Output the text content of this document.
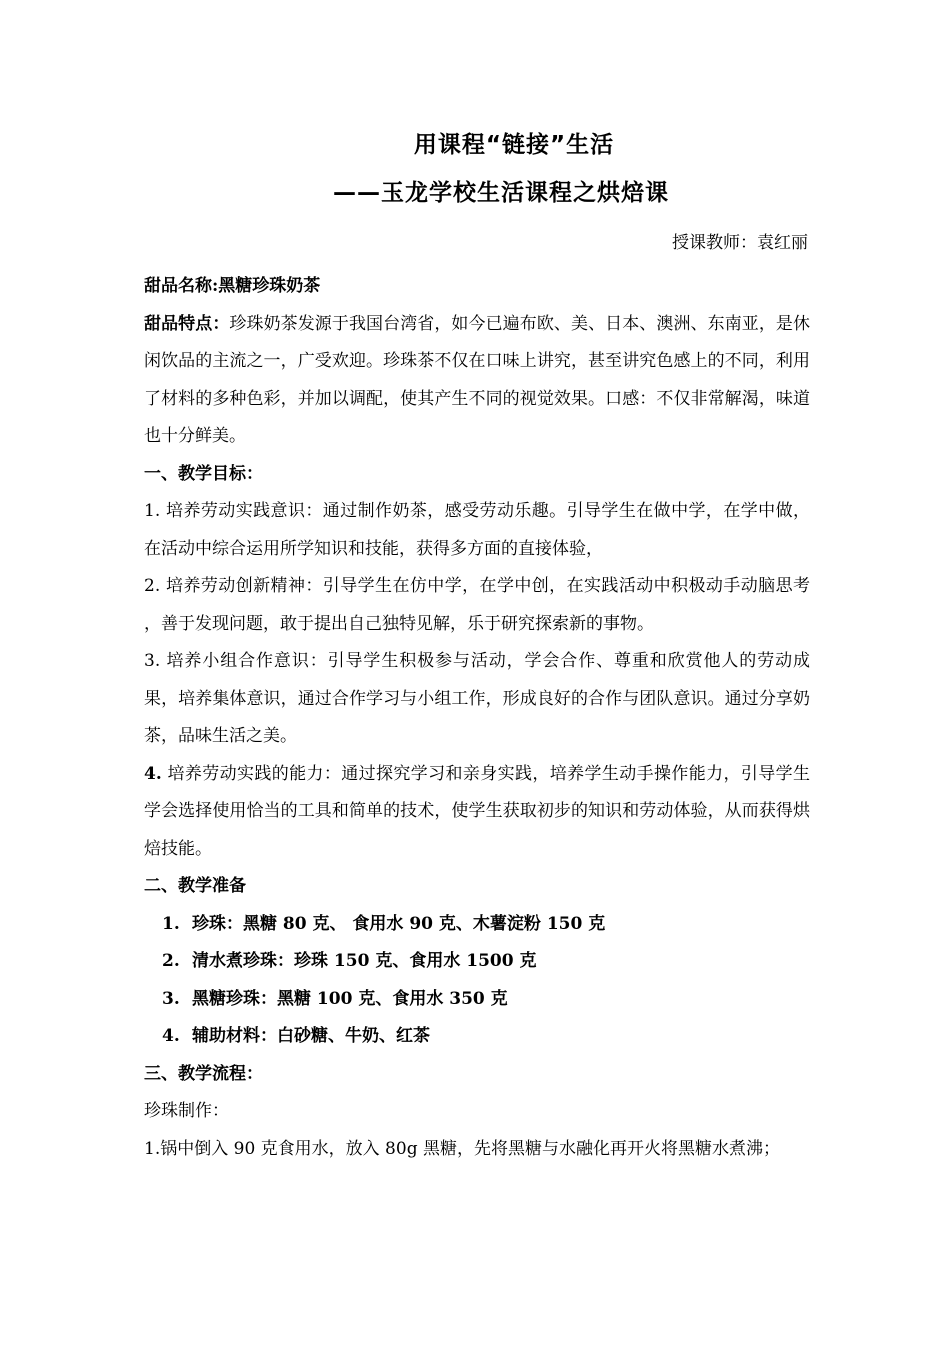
用课程“链接”生活
——玉龙学校生活课程之烘焙课
授课教师：袁红丽
甜品名称:黑糖珍珠奶茶
甜品特点：珍珠奶茶发源于我国台湾省，如今已遍布欧、美、日本、澳洲、东南亚，是休闲饮品的主流之一，广受欢迎。珍珠茶不仅在口味上讲究，甚至讲究色感上的不同，利用了材料的多种色彩，并加以调配，使其产生不同的视觉效果。口感：不仅非常解渴，味道也十分鲜美。
一、教学目标：
1. 培养劳动实践意识：通过制作奶茶，感受劳动乐趣。引导学生在做中学，在学中做，在活动中综合运用所学知识和技能，获得多方面的直接体验，
2. 培养劳动创新精神：引导学生在仿中学，在学中创，在实践活动中积极动手动脑思考 ，善于发现问题，敢于提出自己独特见解，乐于研究探索新的事物。
3. 培养小组合作意识：引导学生积极参与活动，学会合作、尊重和欣赏他人的劳动成果，培养集体意识，通过合作学习与小组工作，形成良好的合作与团队意识。通过分享奶茶，品味生活之美。
4. 培养劳动实践的能力：通过探究学习和亲身实践，培养学生动手操作能力，引导学生学会选择使用恰当的工具和简单的技术，使学生获取初步的知识和劳动体验，从而获得烘焙技能。
二、教学准备
1. 珍珠：黑糖 80 克、 食用水 90 克、木薯淀粉 150 克
2. 清水煮珍珠：珍珠 150 克、食用水 1500 克
3. 黑糖珍珠：黑糖 100 克、食用水 350 克
4. 辅助材料：白砂糖、牛奶、红茶
三、教学流程：
珍珠制作：
1.锅中倒入 90 克食用水，放入 80g 黑糖，先将黑糖与水融化再开火将黑糖水煮沸；
